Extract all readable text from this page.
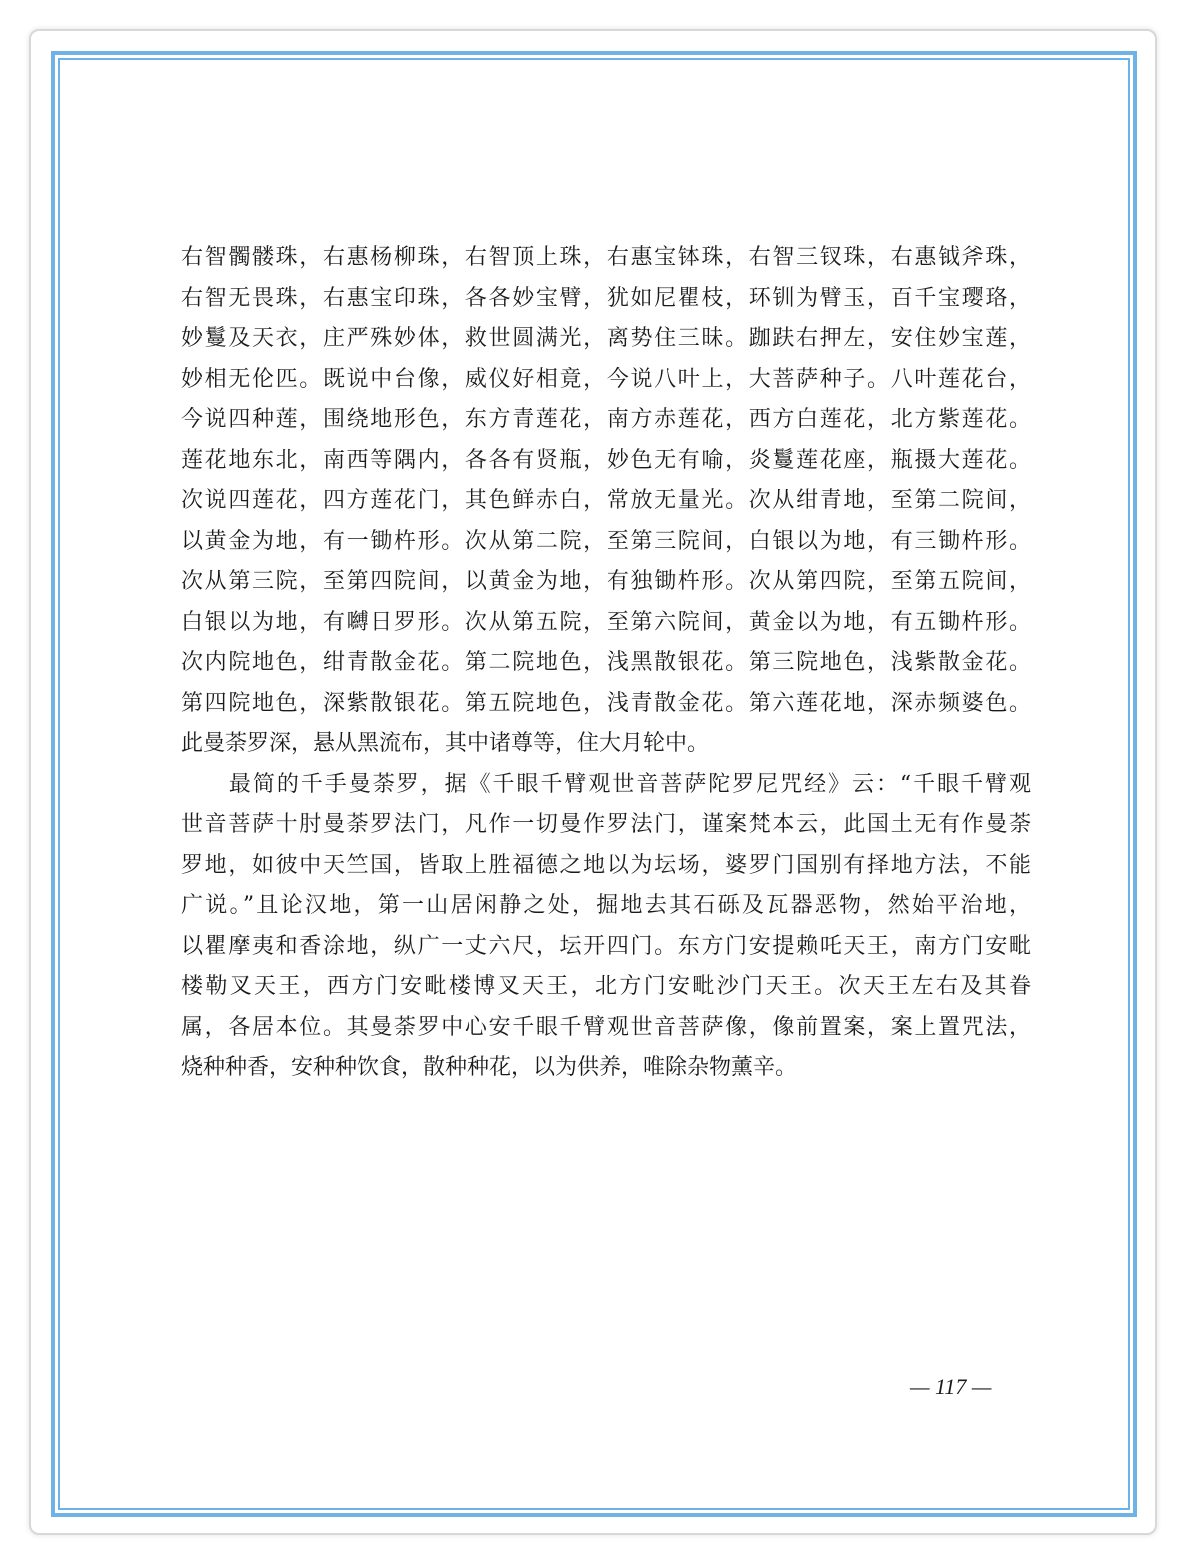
右智髑髅珠，右惠杨柳珠，右智顶上珠，右惠宝钵珠，右智三钗珠，右惠钺斧珠，
右智无畏珠，右惠宝印珠，各各妙宝臂，犹如尼瞿枝，环钏为臂玉，百千宝璎珞，
妙鬘及天衣，庄严殊妙体，救世圆满光，离势住三昧。跏趺右押左，安住妙宝莲，
妙相无伦匹。既说中台像，威仪好相竟，今说八叶上，大菩萨种子。八叶莲花台，
今说四种莲，围绕地形色，东方青莲花，南方赤莲花，西方白莲花，北方紫莲花。
莲花地东北，南西等隅内，各各有贤瓶，妙色无有喻，炎鬘莲花座，瓶摄大莲花。
次说四莲花，四方莲花门，其色鲜赤白，常放无量光。次从绀青地，至第二院间，
以黄金为地，有一锄杵形。次从第二院，至第三院间，白银以为地，有三锄杵形。
次从第三院，至第四院间，以黄金为地，有独锄杵形。次从第四院，至第五院间，
白银以为地，有嚩日罗形。次从第五院，至第六院间，黄金以为地，有五锄杵形。
次内院地色，绀青散金花。第二院地色，浅黑散银花。第三院地色，浅紫散金花。
第四院地色，深紫散银花。第五院地色，浅青散金花。第六莲花地，深赤频婆色。
此曼荼罗深，悬从黑流布，其中诸尊等，住大月轮中。
　　最简的千手曼荼罗，据《千眼千臂观世音菩萨陀罗尼咒经》云：“千眼千臂观
世音菩萨十肘曼荼罗法门，凡作一切曼作罗法门，谨案梵本云，此国土无有作曼荼
罗地，如彼中天竺国，皆取上胜福德之地以为坛场，婆罗门国别有择地方法，不能
广说。”且论汉地，第一山居闲静之处，掘地去其石砾及瓦器恶物，然始平治地，
以瞿摩夷和香涂地，纵广一丈六尺，坛开四门。东方门安提赖吒天王，南方门安毗
楼勒叉天王，西方门安毗楼博叉天王，北方门安毗沙门天王。次天王左右及其眷
属，各居本位。其曼荼罗中心安千眼千臂观世音菩萨像，像前置案，案上置咒法，
烧种种香，安种种饮食，散种种花，以为供养，唯除杂物薰辛。
— 117 —
